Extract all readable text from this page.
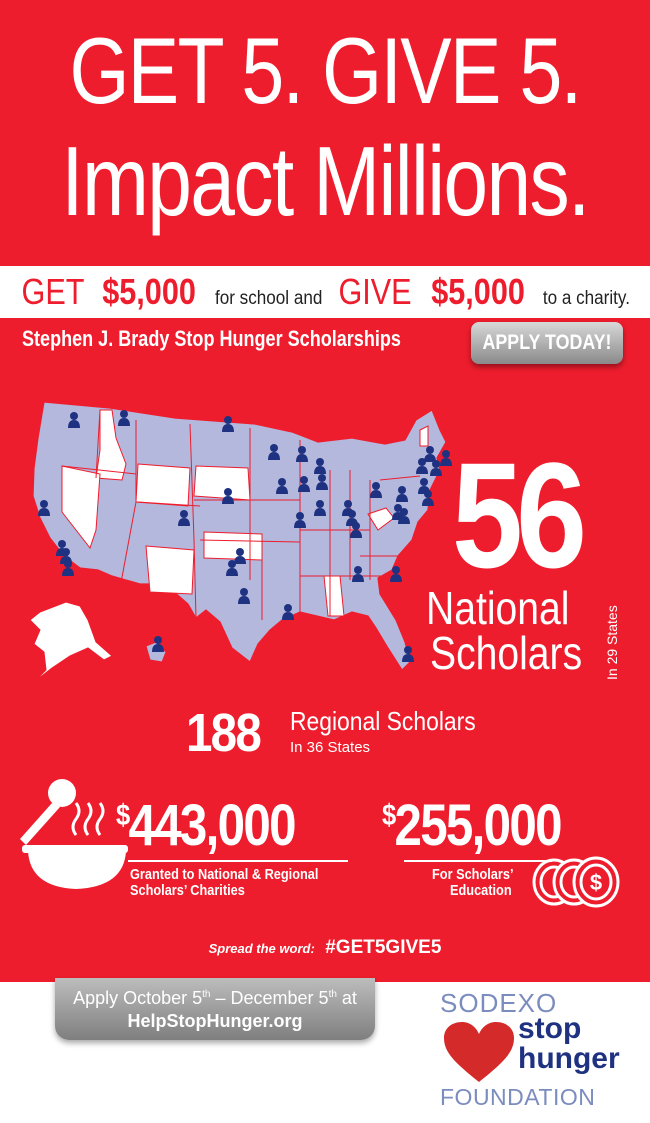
GET 5. GIVE 5.
Impact Millions.
GET $5,000 for school and GIVE $5,000 to a charity.
Stephen J. Brady Stop Hunger Scholarships	APPLY TODAY!
56
National
Scholars In 29 States
188 Regional Scholars
In 36 States
$443,000
Granted to National & Regional
Scholars’ Charities
$255,000
For Scholars’
Education	$
Spread the word: #GET5GIVE5
Apply October 5th – December 5th at
HelpStopHunger.org
SODEXO
stop
hunger
FOUNDATION
